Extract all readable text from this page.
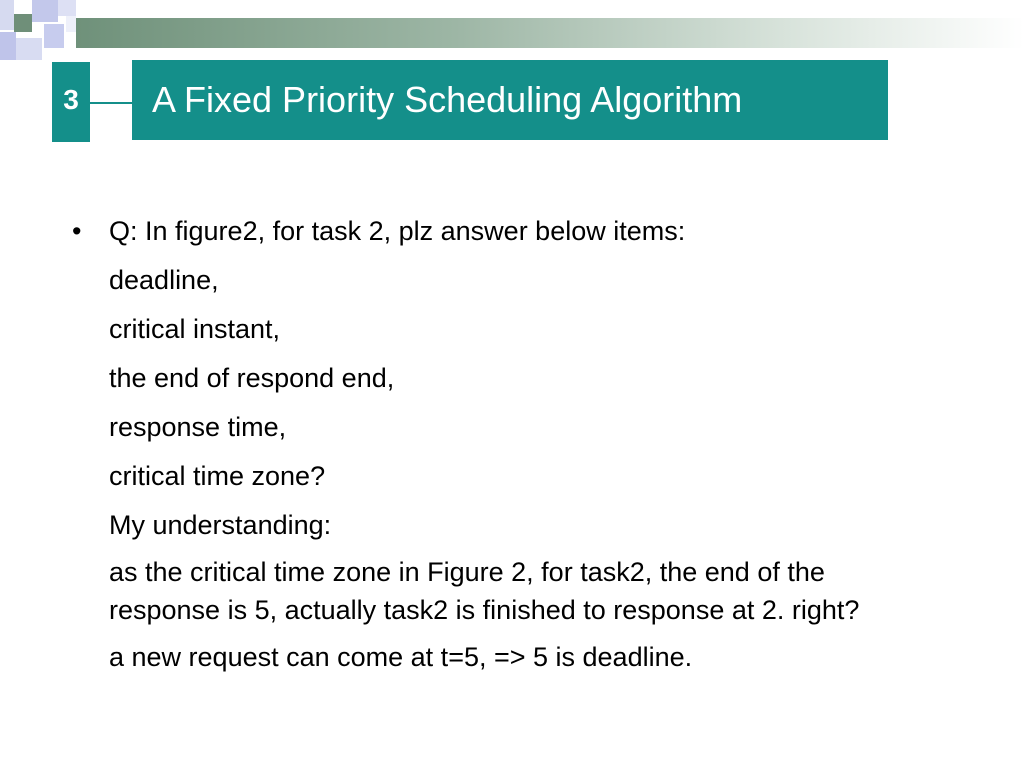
3	A Fixed Priority Scheduling Algorithm
• Q: In figure2, for task 2, plz answer below items:
deadline,
critical instant,
the end of respond end,
response time,
critical time zone?
My understanding:
as the critical time zone in Figure 2, for task2, the end of the response is 5, actually task2 is finished to response at 2. right?
a new request can come at t=5, => 5 is deadline.
